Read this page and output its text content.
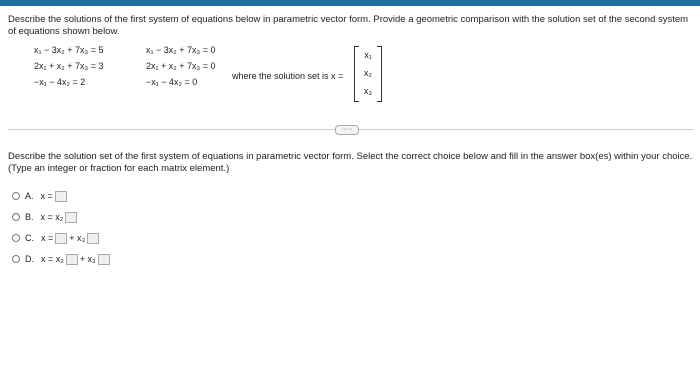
Describe the solutions of the first system of equations below in parametric vector form. Provide a geometric comparison with the solution set of the second system
of equations shown below.
x₁ − 3x₂ + 7x₃ = 5
2x₁ + x₂ + 7x₃ = 3
−x₁ − 4x₂ = 2
x₁ − 3x₂ + 7x₃ = 0
2x₁ + x₂ + 7x₃ = 0
−x₁ − 4x₂ = 0
where the solution set is x =
x₁
x₂
x₃
·····
Describe the solution set of the first system of equations in parametric vector form. Select the correct choice below and fill in the answer box(es) within your choice.
(Type an integer or fraction for each matrix element.)
A. x =
B. x = x₂
C. x = + x₃
D. x = x₂ + x₃
